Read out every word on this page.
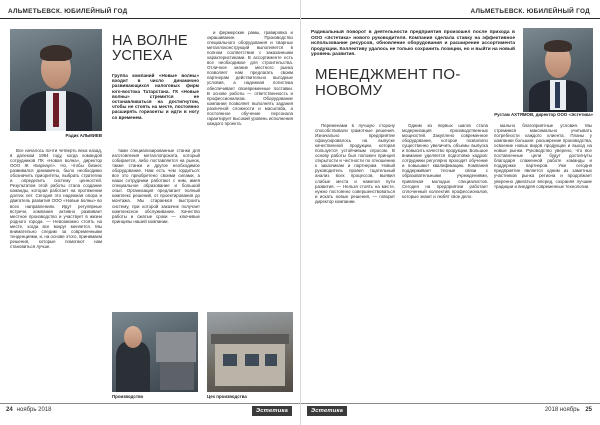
АЛЬМЕТЬЕВСК. ЮБИЛЕЙНЫЙ ГОД
Радик АЛЬМИЕВ
НА ВОЛНЕ УСПЕХА
Группа компаний «Новые волны» входит в число динамично развивающихся налоговых фирм юго-востока Татарстана. ГК «Новые волны» стремится не останавливаться на достигнутом, чтобы не стоять на месте, постоянно расширять горизонты и идти в ногу со временем.

Все началось почти четверть века назад, в далеком 1994 году, когда командой сотрудников ПК «Новая волна», директор ООО Ж «Барнаул». Но, чтобы бизнес развивался динамично, было необходимо обозначить приоритеты, выбрать стратегию и определить систему ценностей. Результатом этой работы стала создание команды, которая работает на протяжении долгих лет. Сегодня это надежная опора и двигатель развития ООО «Новые волны» во всех направлениях. Идут регулярные встречи, компания активно развивает местное производство и участвует в жизни родного города. — Невозможно стоять на месте, когда все вокруг меняется. Мы внимательно следим за современными тенденциями, и, на основе этого, принимаем решения, которые помогают нам становиться лучше.

тами специализированные станки для изготовления металлопроката, который собирается, либо поставляется на рынок, также станки и другое необходимое оборудование. Нам есть чем гордиться: все это приобретено своими силами, а наши сотрудники работают с ним, имея специальное образование и большой опыт. Организация предлагает полный комплекс решений, от проектирования до монтажа. Мы стараемся выстроить систему, при которой заказчик получает комплексное обслуживание. Качество работы и сжатые сроки — ключевые принципы нашей компании.

и фермерские рамы, гравировка и окрашивание. Производство специального оборудования и сварных металлоконструкций выполняется в полном соответствии с заказанными характеристиками. В ассортименте есть все необходимое для строительства. Отличное знание местного рынка позволяет нам предлагать своим партнерам действительно выгодные условия, а надежная логистика обеспечивает своевременные поставки. В основе работы — ответственность и профессионализм. Оборудование компании позволяет выполнять задания различной сложности и масштаба, а постоянное обучение персонала гарантирует высокий уровень исполнения каждого проекта.

Производство	Цех производства
24 ноябрь 2018	Эстетика
АЛЬМЕТЬЕВСК. ЮБИЛЕЙНЫЙ ГОД
Радикальный поворот в деятельности предприятия произошел после прихода в ООО «Эстетика» нового руководителя. Компания сделала ставку на эффективное использование ресурсов, обновление оборудования и расширение ассортимента продукции. Коллективу удалось не только сохранить позиции, но и выйти на новый уровень развития.
МЕНЕДЖМЕНТ ПО-НОВОМУ
Рустам АХТЯМОВ, директор ООО «Эстетика»

Переменами в лучшую сторону способствовали грамотные решения. Изначально предприятие сфокусировалось на выпуске качественной продукции, которая пользуется устойчивым спросом. В основу работы был положен принцип открытости и честности по отношению к заказчикам и партнерам. Новый руководитель провел тщательный анализ всех процессов, выявил слабые места и наметил пути развития. — Нельзя стоять на месте, нужно постоянно совершенствоваться и искать новые решения, — говорит директор компании.

Одним из первых шагов стала модернизация производственных мощностей. Закуплено современное оборудование, которое позволило существенно увеличить объемы выпуска и повысить качество продукции. Большое внимание уделяется подготовке кадров: сотрудники регулярно проходят обучение и повышают квалификацию. Компания поддерживает тесные связи с образовательными учреждениями, привлекая молодых специалистов. Сегодня на предприятии работает сплоченный коллектив профессионалов, которые знают и любят свое дело.

мально благоприятные условия. Мы стремимся максимально учитывать потребности каждого клиента. Планы у компании большие: расширение производства, освоение новых видов продукции и выход на новые рынки. Руководство уверено, что все поставленные цели будут достигнуты благодаря слаженной работе команды и поддержке партнеров. Уже сегодня предприятие является одним из заметных участников рынка региона и продолжает уверенно двигаться вперед, сохраняя лучшие традиции и внедряя современные технологии.

Эстетика	2018 ноябрь 25
